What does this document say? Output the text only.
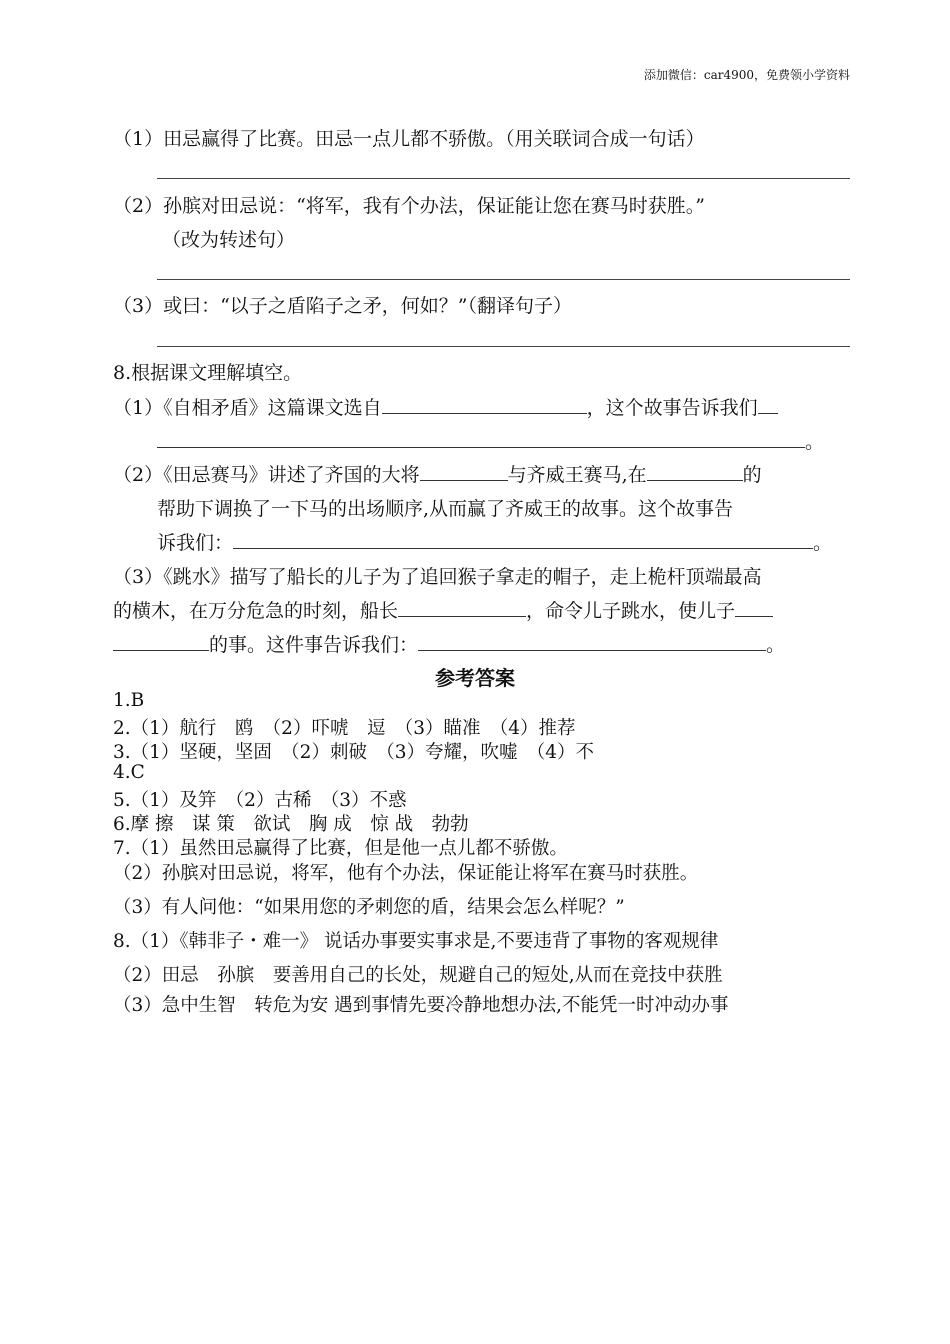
添加微信：car4900，免费领小学资料
（1）田忌赢得了比赛。田忌一点儿都不骄傲。（用关联词合成一句话）
（2）孙膑对田忌说：“将军，我有个办法，保证能让您在赛马时获胜。”
（改为转述句）
（3）或曰：“以子之盾陷子之矛，何如？”（翻译句子）
8.根据课文理解填空。
（1）《自相矛盾》这篇课文选自	，这个故事告诉我们
。
（2）《田忌赛马》讲述了齐国的大将	与齐威王赛马,在	的
帮助下调换了一下马的出场顺序,从而赢了齐威王的故事。这个故事告
诉我们：	。
（3）《跳水》描写了船长的儿子为了追回猴子拿走的帽子，走上桅杆顶端最高
的横木，在万分危急的时刻，船长	，命令儿子跳水，使儿子
的事。这件事告诉我们：	。
参考答案
1.B
2.（1）航行　鸥　（2）吓唬　逗　（3）瞄准　（4）推荐
3.（1）坚硬，坚固　（2）刺破　（3）夸耀，吹嘘　（4）不
4.C
5.（1）及笄　（2）古稀　（3）不惑
6.摩 擦　谋 策　欲试　胸 成　惊 战　勃勃
7.（1）虽然田忌赢得了比赛，但是他一点儿都不骄傲。
（2）孙膑对田忌说，将军，他有个办法，保证能让将军在赛马时获胜。
（3）有人问他：“如果用您的矛刺您的盾，结果会怎么样呢？”
8.（1）《韩非子・难一》 说话办事要实事求是,不要违背了事物的客观规律
（2）田忌　孙膑　要善用自己的长处，规避自己的短处,从而在竞技中获胜
（3）急中生智　转危为安 遇到事情先要冷静地想办法,不能凭一时冲动办事
